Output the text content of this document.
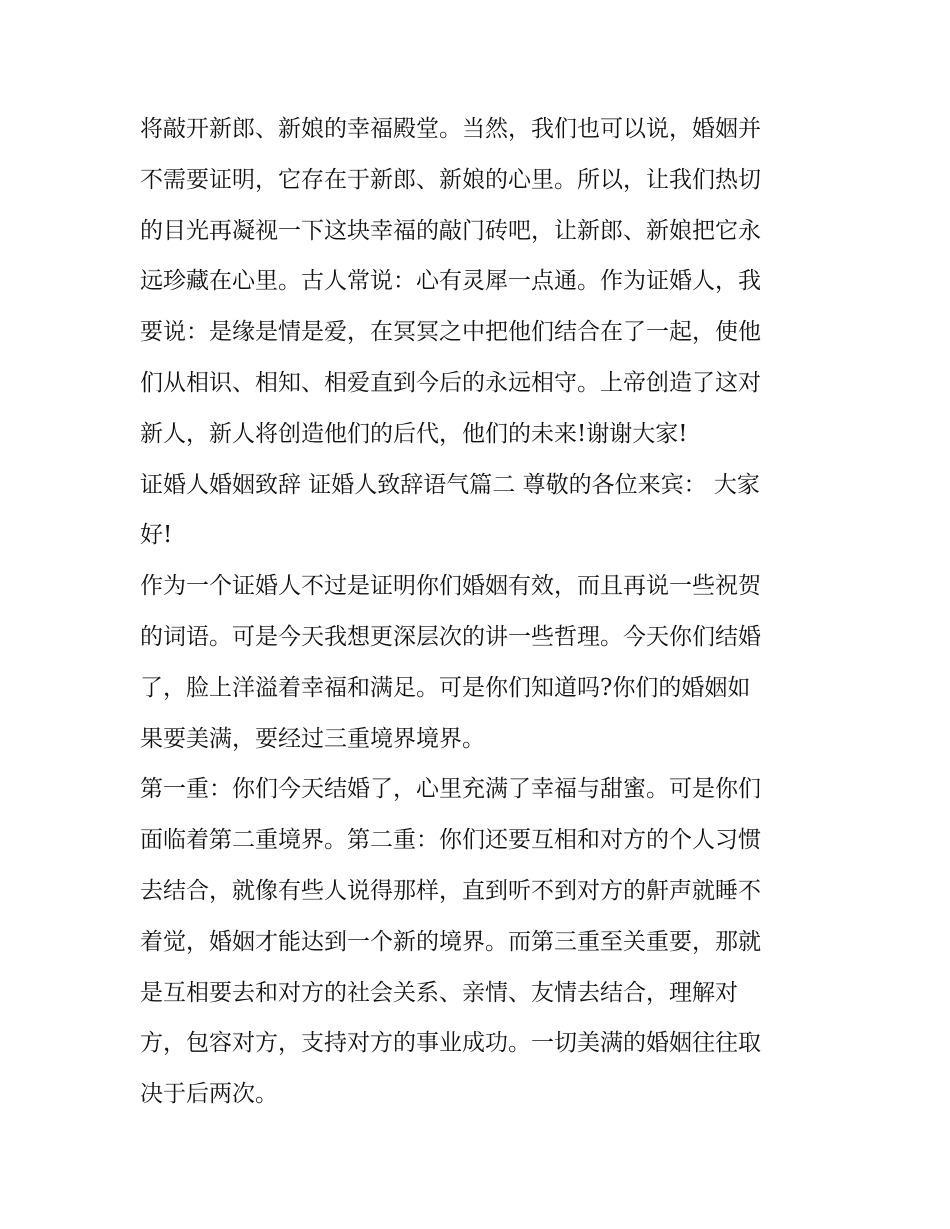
将敲开新郎、新娘的幸福殿堂。当然，我们也可以说，婚姻并
不需要证明，它存在于新郎、新娘的心里。所以，让我们热切
的目光再凝视一下这块幸福的敲门砖吧，让新郎、新娘把它永
远珍藏在心里。古人常说：心有灵犀一点通。作为证婚人，我
要说：是缘是情是爱，在冥冥之中把他们结合在了一起，使他
们从相识、相知、相爱直到今后的永远相守。上帝创造了这对
新人，新人将创造他们的后代，他们的未来!谢谢大家!
证婚人婚姻致辞 证婚人致辞语气篇二 尊敬的各位来宾： 大家
好!
作为一个证婚人不过是证明你们婚姻有效，而且再说一些祝贺
的词语。可是今天我想更深层次的讲一些哲理。今天你们结婚
了，脸上洋溢着幸福和满足。可是你们知道吗?你们的婚姻如
果要美满，要经过三重境界境界。
第一重：你们今天结婚了，心里充满了幸福与甜蜜。可是你们
面临着第二重境界。第二重：你们还要互相和对方的个人习惯
去结合，就像有些人说得那样，直到听不到对方的鼾声就睡不
着觉，婚姻才能达到一个新的境界。而第三重至关重要，那就
是互相要去和对方的社会关系、亲情、友情去结合，理解对
方，包容对方，支持对方的事业成功。一切美满的婚姻往往取
决于后两次。
